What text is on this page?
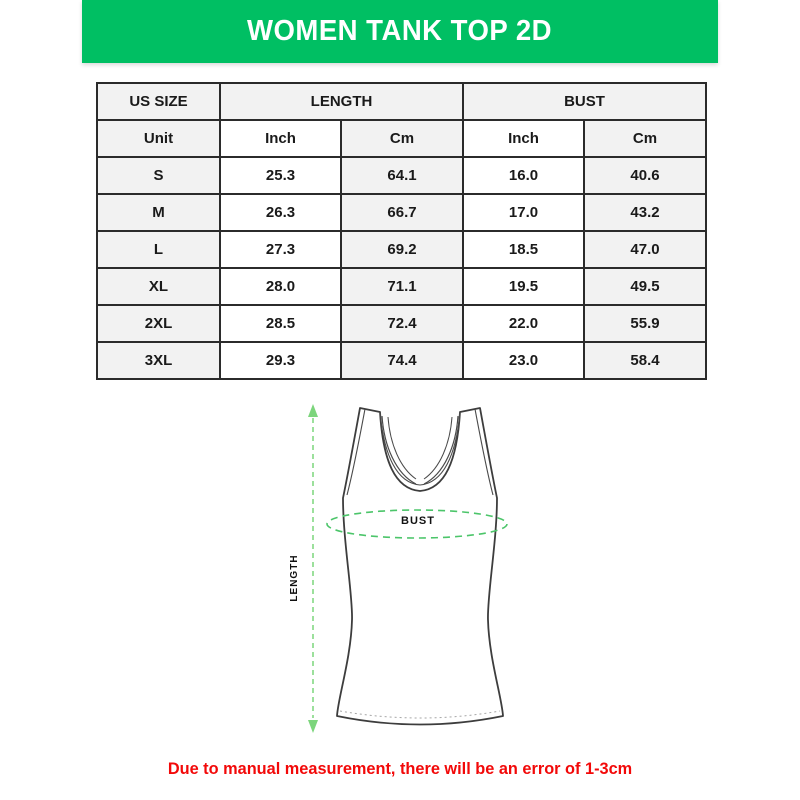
WOMEN TANK TOP 2D
US SIZE	LENGTH		BUST	
Unit	Inch	Cm	Inch	Cm
S	25.3	64.1	16.0	40.6
M	26.3	66.7	17.0	43.2
L	27.3	69.2	18.5	47.0
XL	28.0	71.1	19.5	49.5
2XL	28.5	72.4	22.0	55.9
3XL	29.3	74.4	23.0	58.4
BUST
LENGTH
Due to manual measurement, there will be an error of 1-3cm
